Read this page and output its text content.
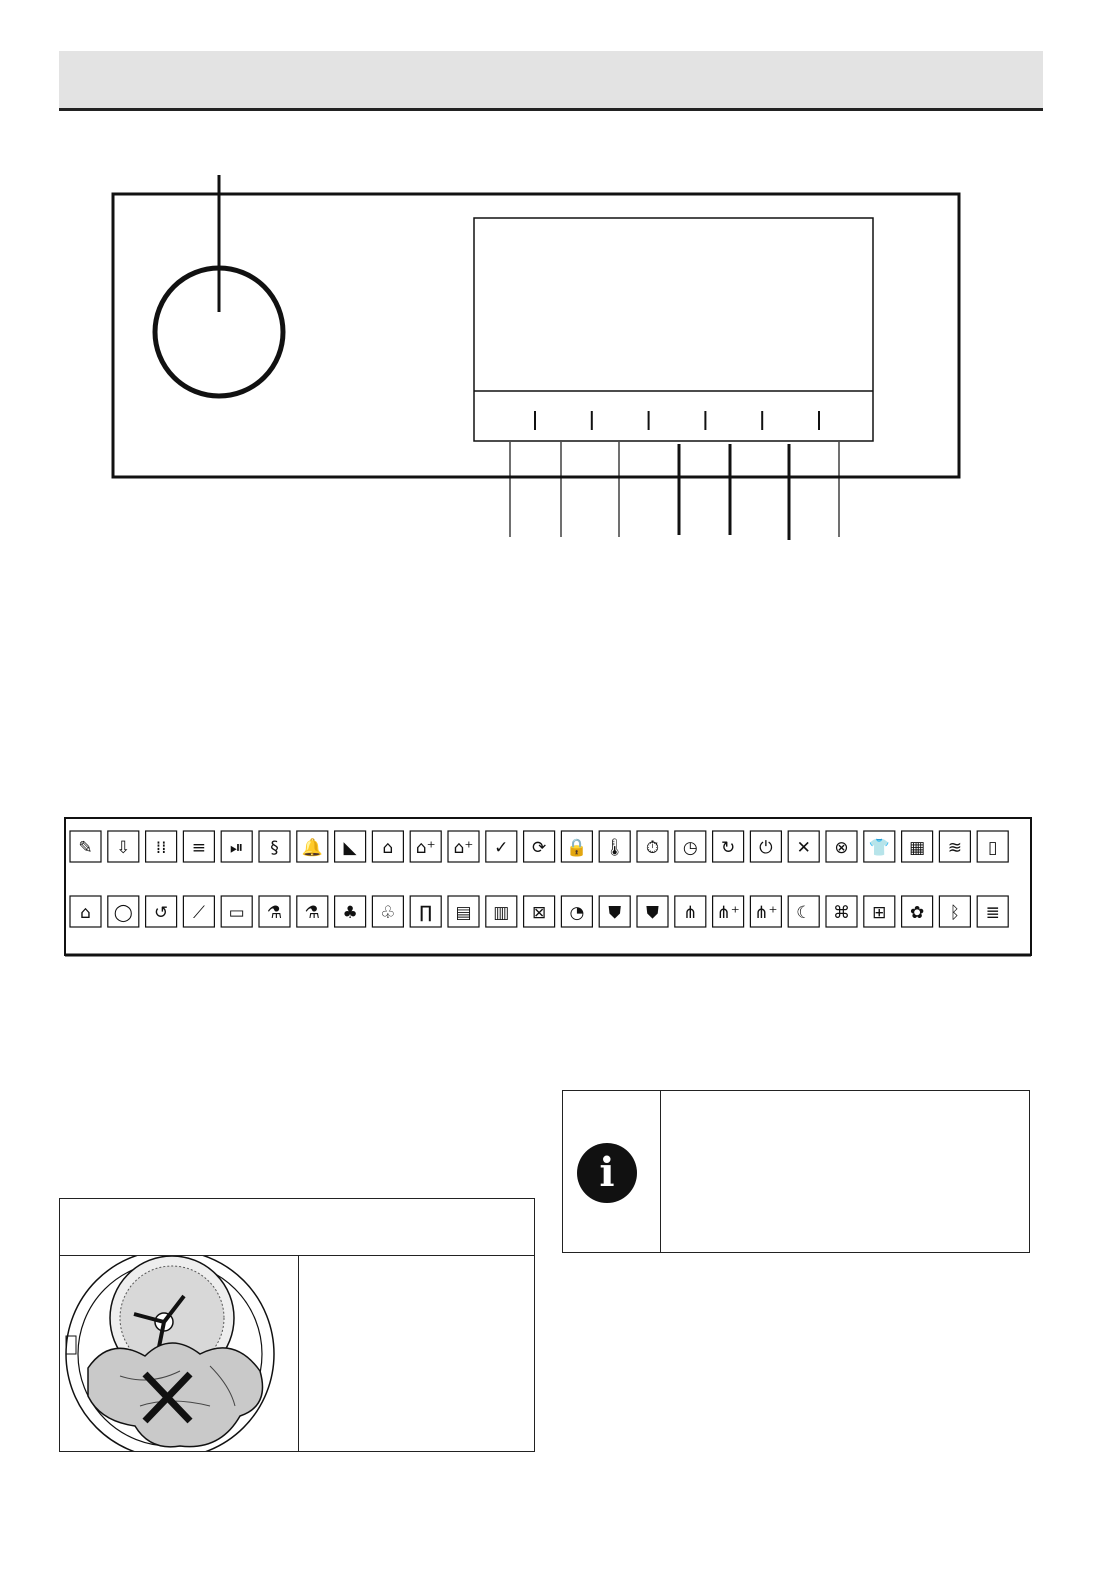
✎ ⇩ ⁞⁞ ≡ ⏯ § 🔔 ◣ ⌂ ⌂⁺ ⌂⁺ ✓ ⟳ 🔒 🌡 ⏱ ◷ ↻ ⏻ ✕ ⊗ 👕 ▦ ≋ ▯
⌂ ◯ ↺ ⟋ ▭ ⚗ ⚗ ♣ ♧ ∏ ▤ ▥ ⊠ ◔ ⛊ ⛊ ⋔ ⋔⁺ ⋔⁺ ☾ ⌘ ⊞ ✿ ᛒ ≣
i
